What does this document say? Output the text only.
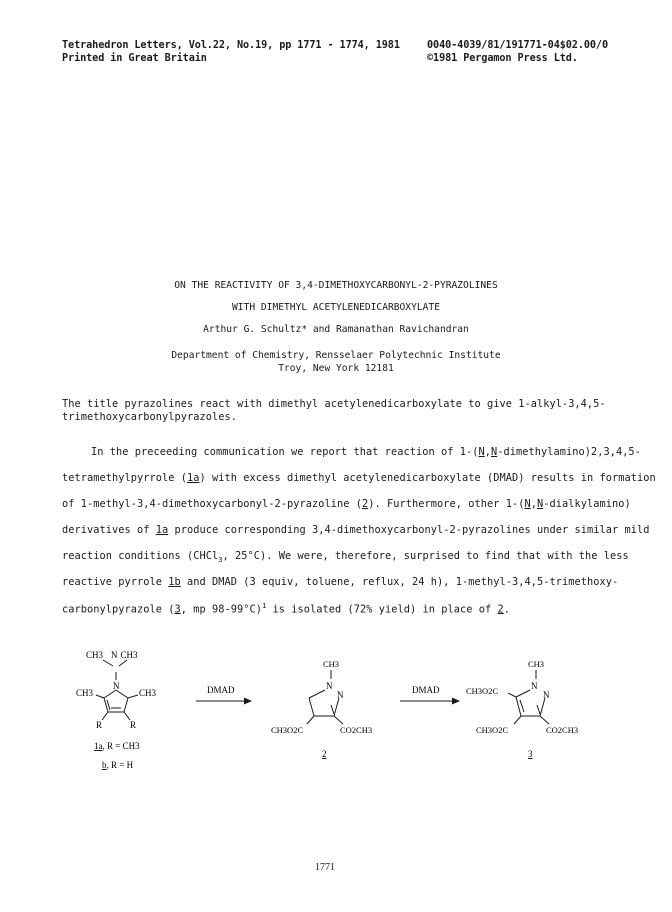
Tetrahedron Letters, Vol.22, No.19, pp 1771 - 1774, 1981
Printed in Great Britain
0040-4039/81/191771-04$02.00/0
©1981 Pergamon Press Ltd.
ON THE REACTIVITY OF 3,4-DIMETHOXYCARBONYL-2-PYRAZOLINES
WITH DIMETHYL ACETYLENEDICARBOXYLATE
Arthur G. Schultz* and Ramanathan Ravichandran
Department of Chemistry, Rensselaer Polytechnic Institute
Troy, New York 12181
The title pyrazolines react with dimethyl acetylenedicarboxylate to give 1-alkyl-3,4,5-
trimethoxycarbonylpyrazoles.
In the preceeding communication we report that reaction of 1-(N,N-dimethylamino)2,3,4,5-
tetramethylpyrrole (1a) with excess dimethyl acetylenedicarboxylate (DMAD) results in formation
of 1-methyl-3,4-dimethoxycarbonyl-2-pyrazoline (2). Furthermore, other 1-(N,N-dialkylamino)
derivatives of 1a produce corresponding 3,4-dimethoxycarbonyl-2-pyrazolines under similar mild
reaction conditions (CHCl$_3$, 25°C). We were, therefore, surprised to find that with the less
reactive pyrrole 1b and DMAD (3 equiv, toluene, reflux, 24 h), 1-methyl-3,4,5-trimethoxy-
carbonylpyrazole (3, mp 98-99°C)$^1$ is isolated (72% yield) in place of 2.
CH3 N CH3
N
CH3	CH3
R	R
1a, R = CH3
b, R = H
DMAD	DMAD
CH3
N
N
CH3O2C	CO2CH3
2
CH3
N
N
CH3O2C
CH3O2C	CO2CH3
3
1771
